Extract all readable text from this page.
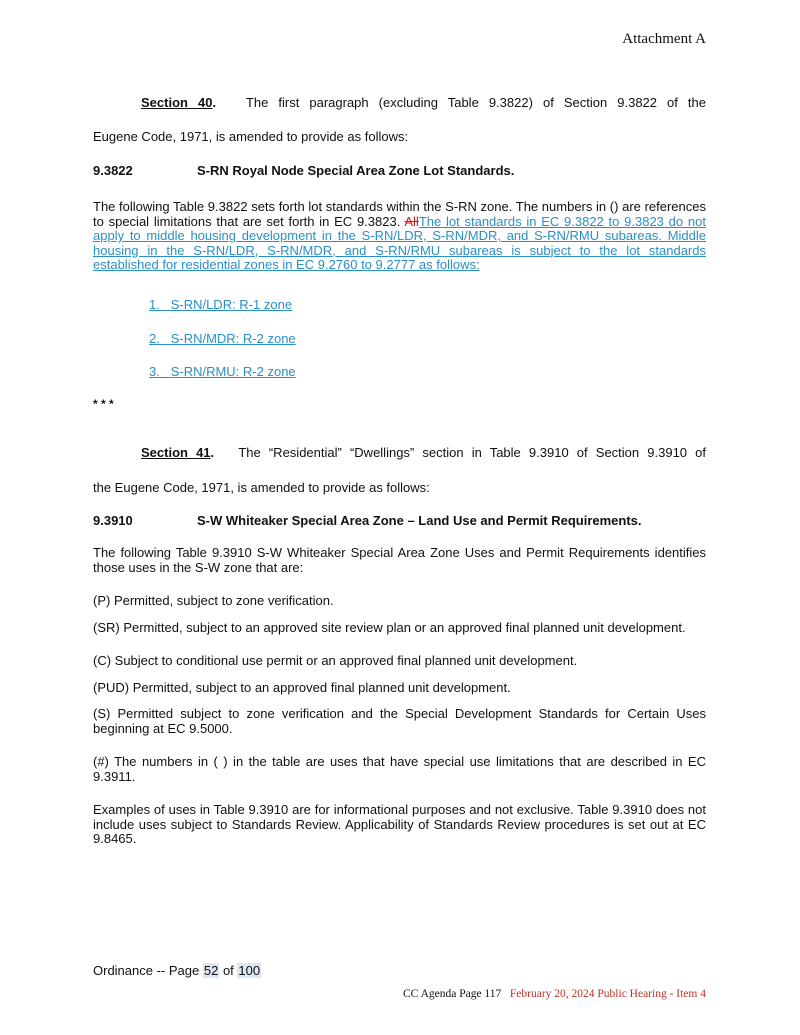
Attachment A
Section 40. The first paragraph (excluding Table 9.3822) of Section 9.3822 of the
Eugene Code, 1971, is amended to provide as follows:
9.3822	S-RN Royal Node Special Area Zone Lot Standards.
The following Table 9.3822 sets forth lot standards within the S-RN zone. The numbers in () are references to special limitations that are set forth in EC 9.3823. AllThe lot standards in EC 9.3822 to 9.3823 do not apply to middle housing development in the S-RN/LDR, S-RN/MDR, and S-RN/RMU subareas. Middle housing in the S-RN/LDR, S-RN/MDR, and S-RN/RMU subareas is subject to the lot standards established for residential zones in EC 9.2760 to 9.2777 as follows:
1. S-RN/LDR: R-1 zone
2. S-RN/MDR: R-2 zone
3. S-RN/RMU: R-2 zone
* * *
Section 41. The “Residential” “Dwellings” section in Table 9.3910 of Section 9.3910 of
the Eugene Code, 1971, is amended to provide as follows:
9.3910	S-W Whiteaker Special Area Zone – Land Use and Permit Requirements.
The following Table 9.3910 S-W Whiteaker Special Area Zone Uses and Permit Requirements identifies those uses in the S-W zone that are:
(P) Permitted, subject to zone verification.
(SR) Permitted, subject to an approved site review plan or an approved final planned unit development.
(C) Subject to conditional use permit or an approved final planned unit development.
(PUD) Permitted, subject to an approved final planned unit development.
(S) Permitted subject to zone verification and the Special Development Standards for Certain Uses beginning at EC 9.5000.
(#) The numbers in ( ) in the table are uses that have special use limitations that are described in EC 9.3911.
Examples of uses in Table 9.3910 are for informational purposes and not exclusive. Table 9.3910 does not include uses subject to Standards Review. Applicability of Standards Review procedures is set out at EC 9.8465.
Ordinance -- Page 52 of 100
CC Agenda Page 117 February 20, 2024 Public Hearing - Item 4
